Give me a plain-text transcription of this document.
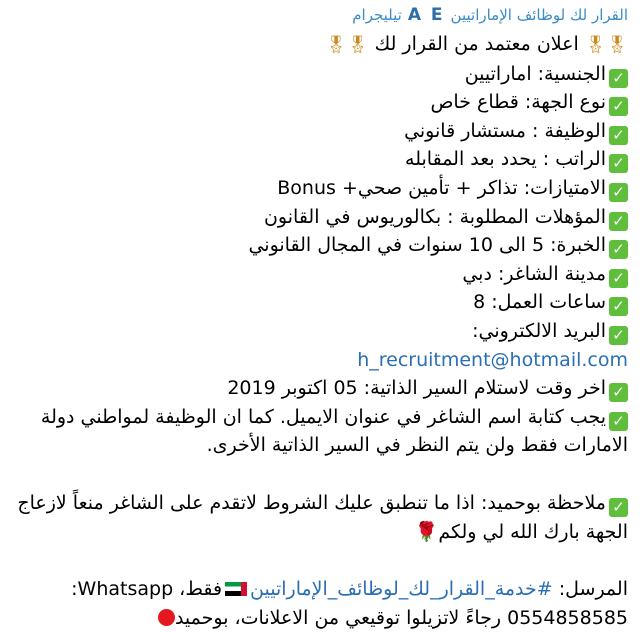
القرار لك لوظائف الإماراتيين
A E
تيليجرام
🎖🎖 اعلان معتمد من القرار لك 🎖🎖
✓الجنسية: اماراتيين
✓نوع الجهة: قطاع خاص
✓الوظيفة : مستشار قانوني
✓الراتب : يحدد بعد المقابله
✓الامتيازات: تذاكر + تأمين صحي+ Bonus
✓المؤهلات المطلوبة : بكالوريوس في القانون
✓الخبرة: 5 الى 10 سنوات في المجال القانوني
✓مدينة الشاغر: دبي
✓ساعات العمل: 8
✓البريد الالكتروني:
h_recruitment@hotmail.com
✓اخر وقت لاستلام السير الذاتية: 05 اكتوبر 2019
✓يجب كتابة اسم الشاغر في عنوان الايميل. كما ان الوظيفة لمواطني دولة الامارات فقط ولن يتم النظر في السير الذاتية الأخرى.
✓ملاحظة بوحميد: اذا ما تنطبق عليك الشروط لاتقدم على الشاغر منعاً لازعاج الجهة بارك الله لي ولكم🌹
المرسل: #خدمة_القرار_لك_لوظائف_الإماراتيينفقط، Whatsapp:
0554858585 رجاءً لاتزيلوا توقيعي من الاعلانات، بوحميد
